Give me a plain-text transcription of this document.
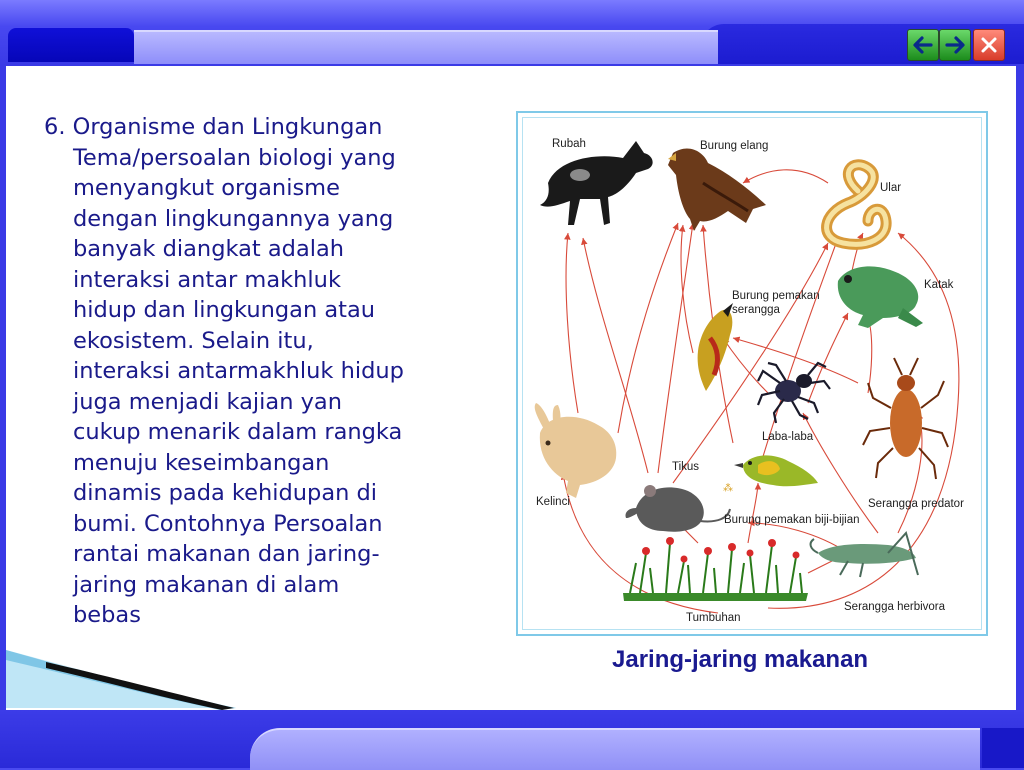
6. Organisme dan Lingkungan
Tema/persoalan biologi yang
menyangkut organisme
dengan lingkungannya yang
banyak diangkat adalah
interaksi antar makhluk
hidup dan lingkungan atau
ekosistem. Selain itu,
interaksi antarmakhluk hidup
juga menjadi kajian yan
cukup menarik dalam rangka
menuju keseimbangan
dinamis pada kehidupan di
bumi. Contohnya Persoalan
rantai makanan dan jaring-
jaring makanan di alam
bebas
⁂
Rubah	Burung elang
Ular
Katak
Burung pemakan
serangga
Laba-laba
Tikus
Kelinci
Burung pemakan biji-bijian
Serangga predator
Serangga herbivora
Tumbuhan
Jaring-jaring makanan
